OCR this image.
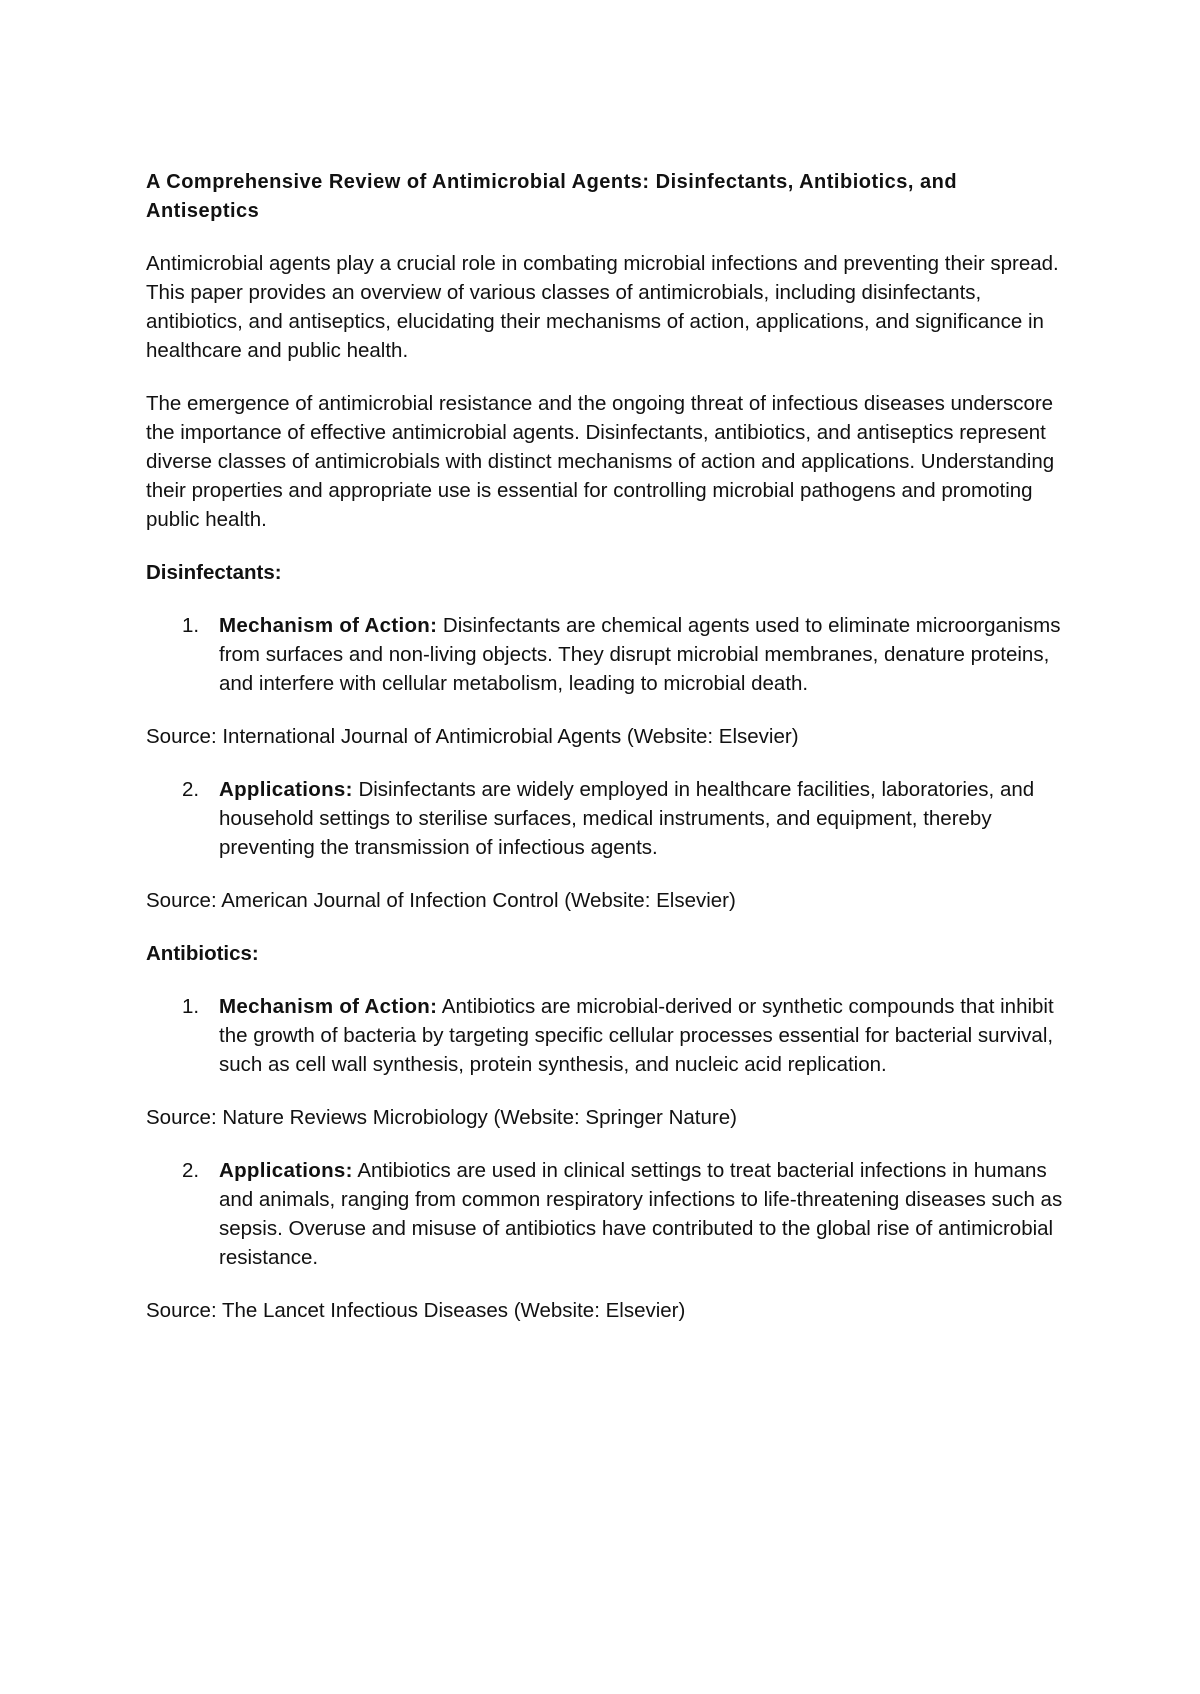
A Comprehensive Review of Antimicrobial Agents: Disinfectants, Antibiotics, and Antiseptics

Antimicrobial agents play a crucial role in combating microbial infections and preventing their spread. This paper provides an overview of various classes of antimicrobials, including disinfectants, antibiotics, and antiseptics, elucidating their mechanisms of action, applications, and significance in healthcare and public health.

The emergence of antimicrobial resistance and the ongoing threat of infectious diseases underscore the importance of effective antimicrobial agents. Disinfectants, antibiotics, and antiseptics represent diverse classes of antimicrobials with distinct mechanisms of action and applications. Understanding their properties and appropriate use is essential for controlling microbial pathogens and promoting public health.

Disinfectants:
1. Mechanism of Action: Disinfectants are chemical agents used to eliminate microorganisms from surfaces and non-living objects. They disrupt microbial membranes, denature proteins, and interfere with cellular metabolism, leading to microbial death.
Source: International Journal of Antimicrobial Agents (Website: Elsevier)
2. Applications: Disinfectants are widely employed in healthcare facilities, laboratories, and household settings to sterilise surfaces, medical instruments, and equipment, thereby preventing the transmission of infectious agents.
Source: American Journal of Infection Control (Website: Elsevier)
Antibiotics:
1. Mechanism of Action: Antibiotics are microbial-derived or synthetic compounds that inhibit the growth of bacteria by targeting specific cellular processes essential for bacterial survival, such as cell wall synthesis, protein synthesis, and nucleic acid replication.
Source: Nature Reviews Microbiology (Website: Springer Nature)
2. Applications: Antibiotics are used in clinical settings to treat bacterial infections in humans and animals, ranging from common respiratory infections to life-threatening diseases such as sepsis. Overuse and misuse of antibiotics have contributed to the global rise of antimicrobial resistance.
Source: The Lancet Infectious Diseases (Website: Elsevier)
